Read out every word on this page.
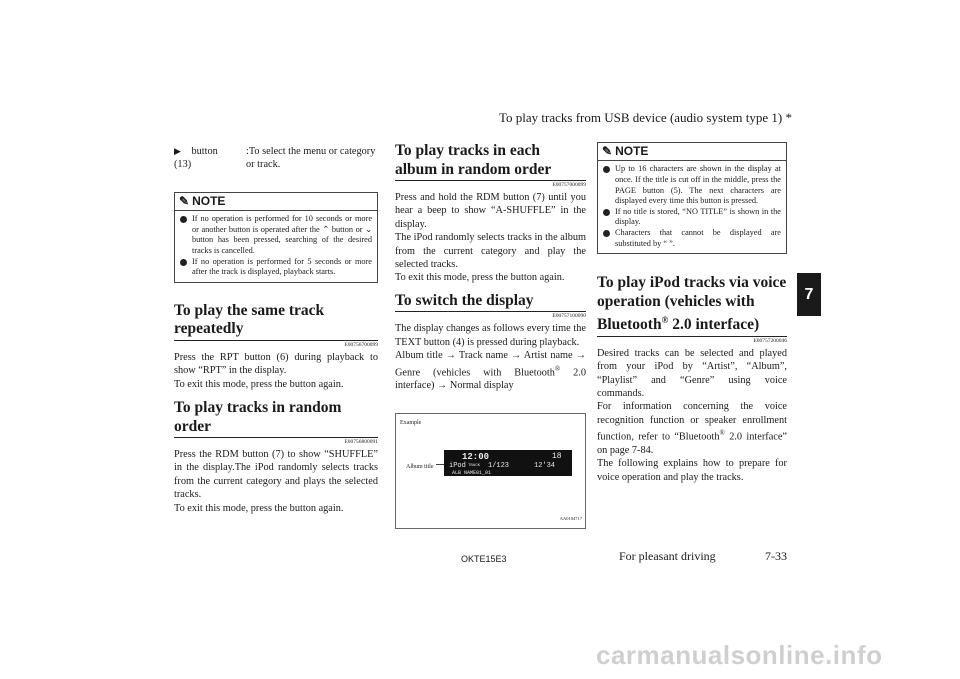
To play tracks from USB device (audio system type 1) *
7
▶ button
(13)
:To select the menu or category or track.
✎ NOTE
If no operation is performed for 10 seconds or more or another button is operated after the ⌃ button or ⌄ button has been pressed, searching of the desired tracks is cancelled.
If no operation is performed for 5 seconds or more after the track is displayed, playback starts.
To play the same track repeatedly
E00756700099

Press the RPT button (6) during playback to show “RPT” in the display.

To exit this mode, press the button again.

To play tracks in random order
E00756800091

Press the RDM button (7) to show “SHUFFLE” in the display.The iPod randomly selects tracks from the current category and plays the selected tracks.

To exit this mode, press the button again.

To play tracks in each album in random order
E00757000099

Press and hold the RDM button (7) until you hear a beep to show “A-SHUFFLE” in the display.

The iPod randomly selects tracks in the album from the current category and play the selected tracks.

To exit this mode, press the button again.

To switch the display
E00757100090

The display changes as follows every time the TEXT button (4) is pressed during playback.

Album title → Track name → Artist name → Genre (vehicles with Bluetooth® 2.0 interface) → Normal display

Example
Album title
12:00	18
iPod TRACK 1/123	12'34
ALB NAME01_01
AA0104717
✎ NOTE
Up to 16 characters are shown in the display at once. If the title is cut off in the middle, press the PAGE button (5). The next characters are displayed every time this button is pressed.
If no title is stored, “NO TITLE” is shown in the display.
Characters that cannot be displayed are substituted by “ ”.
To play iPod tracks via voice operation (vehicles with Bluetooth® 2.0 interface)
E00757200046

Desired tracks can be selected and played from your iPod by “Artist”, “Album”, “Playlist” and “Genre” using voice commands.

For information concerning the voice recognition function or speaker enrollment function, refer to “Bluetooth® 2.0 interface” on page 7-84.

The following explains how to prepare for voice operation and play the tracks.

OKTE15E3	For pleasant driving	7-33
carmanualsonline.info
